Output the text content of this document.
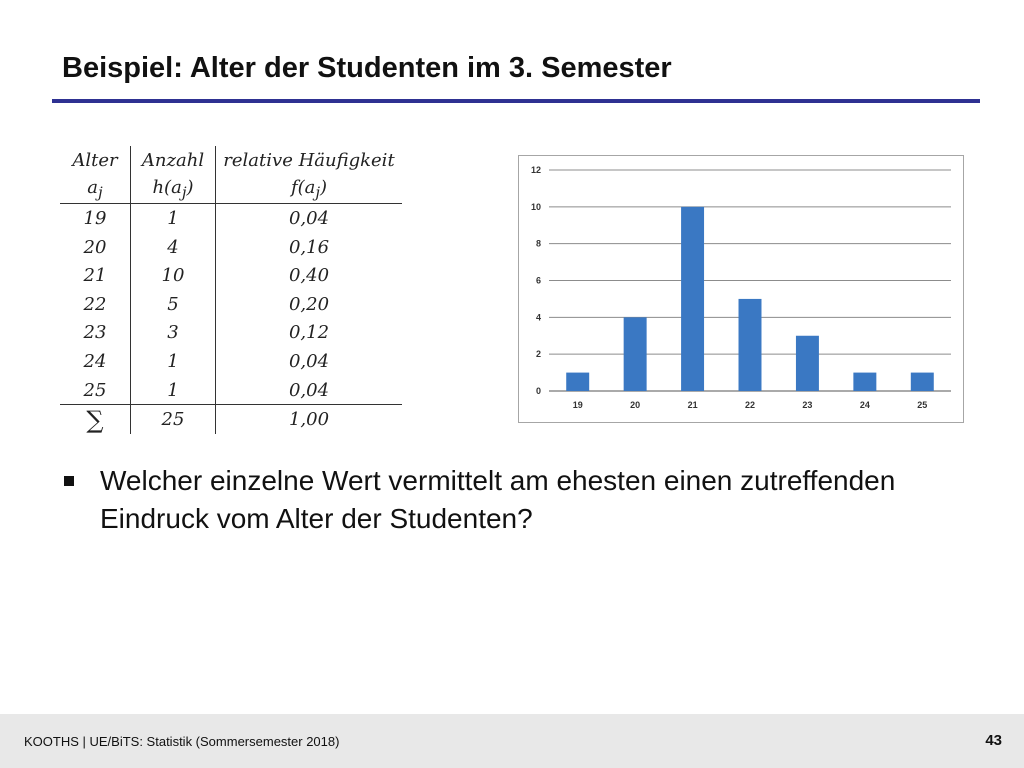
Beispiel: Alter der Studenten im 3. Semester
Alter	Anzahl	relative Häufigkeit
$a_j$	$h(a_j)$	$f(a_j)$
19	1	0,04
20	4	0,16
21	10	0,40
22	5	0,20
23	3	0,12
24	1	0,04
25	1	0,04
∑	25	1,00
0
2
4
6
8
10
12
19	20	21	22	23	24	25
Welcher einzelne Wert vermittelt am ehesten einen zutreffenden Eindruck vom Alter der Studenten?
KOOTHS | UE/BiTS: Statistik (Sommersemester 2018)	43
